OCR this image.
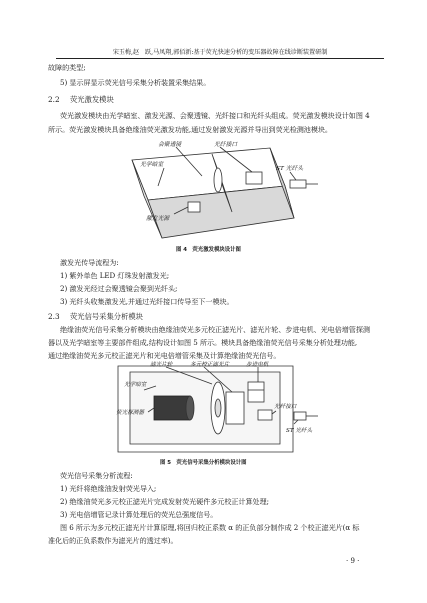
宋玉梅,赵　跃,马凤翔,郭佰新:基于荧光快速分析的变压器故障在线诊断装置研制
故障的类型;
5) 显示屏显示荧光信号采集分析装置采集结果。
2.2 荧光激发模块
荧光激发模块由光学暗室、激发光源、会聚透镜、光纤接口和光纤头组成。荧光激发模块设计如图 4
所示。荧光激发模块具备绝缘油荧光激发功能,通过发射激发光源并导出到荧光检测池模块。
会聚透镜	光纤接口
光学暗室
激发光源
ST 光纤头
图 4　荧光激发模块设计图
激发光传导流程为:
1) 紫外单色 LED 灯珠发射激发光;
2) 激发光经过会聚透镜会聚到光纤头;
3) 光纤头收集激发光,并通过光纤接口传导至下一模块。
2.3 荧光信号采集分析模块
绝缘油荧光信号采集分析模块由绝缘油荧光多元校正滤光片、滤光片轮、步进电机、光电倍增管探测
器以及光学暗室等主要部件组成,结构设计如图 5 所示。模块具备绝缘油荧光信号采集分析处理功能,
通过绝缘油荧光多元校正滤光片和光电倍增管采集及计算绝缘油荧光信号。
滤光片轮	多元校正滤光片	步进电机
光学暗室
荧光探测器
光纤接口
ST 光纤头
图 5　荧光信号采集分析模块设计图
荧光信号采集分析流程:
1) 光纤将绝缘油发射荧光导入;
2) 绝缘油荧光多元校正滤光片完成发射荧光硬件多元校正计算处理;
3) 光电倍增管记录计算处理后的荧光总强度信号。
图 6 所示为多元校正滤光片计算原理,将回归校正系数 α 的正负部分制作成 2 个校正滤光片(α 标
准化后的正负系数作为滤光片的透过率)。
· 9 ·
